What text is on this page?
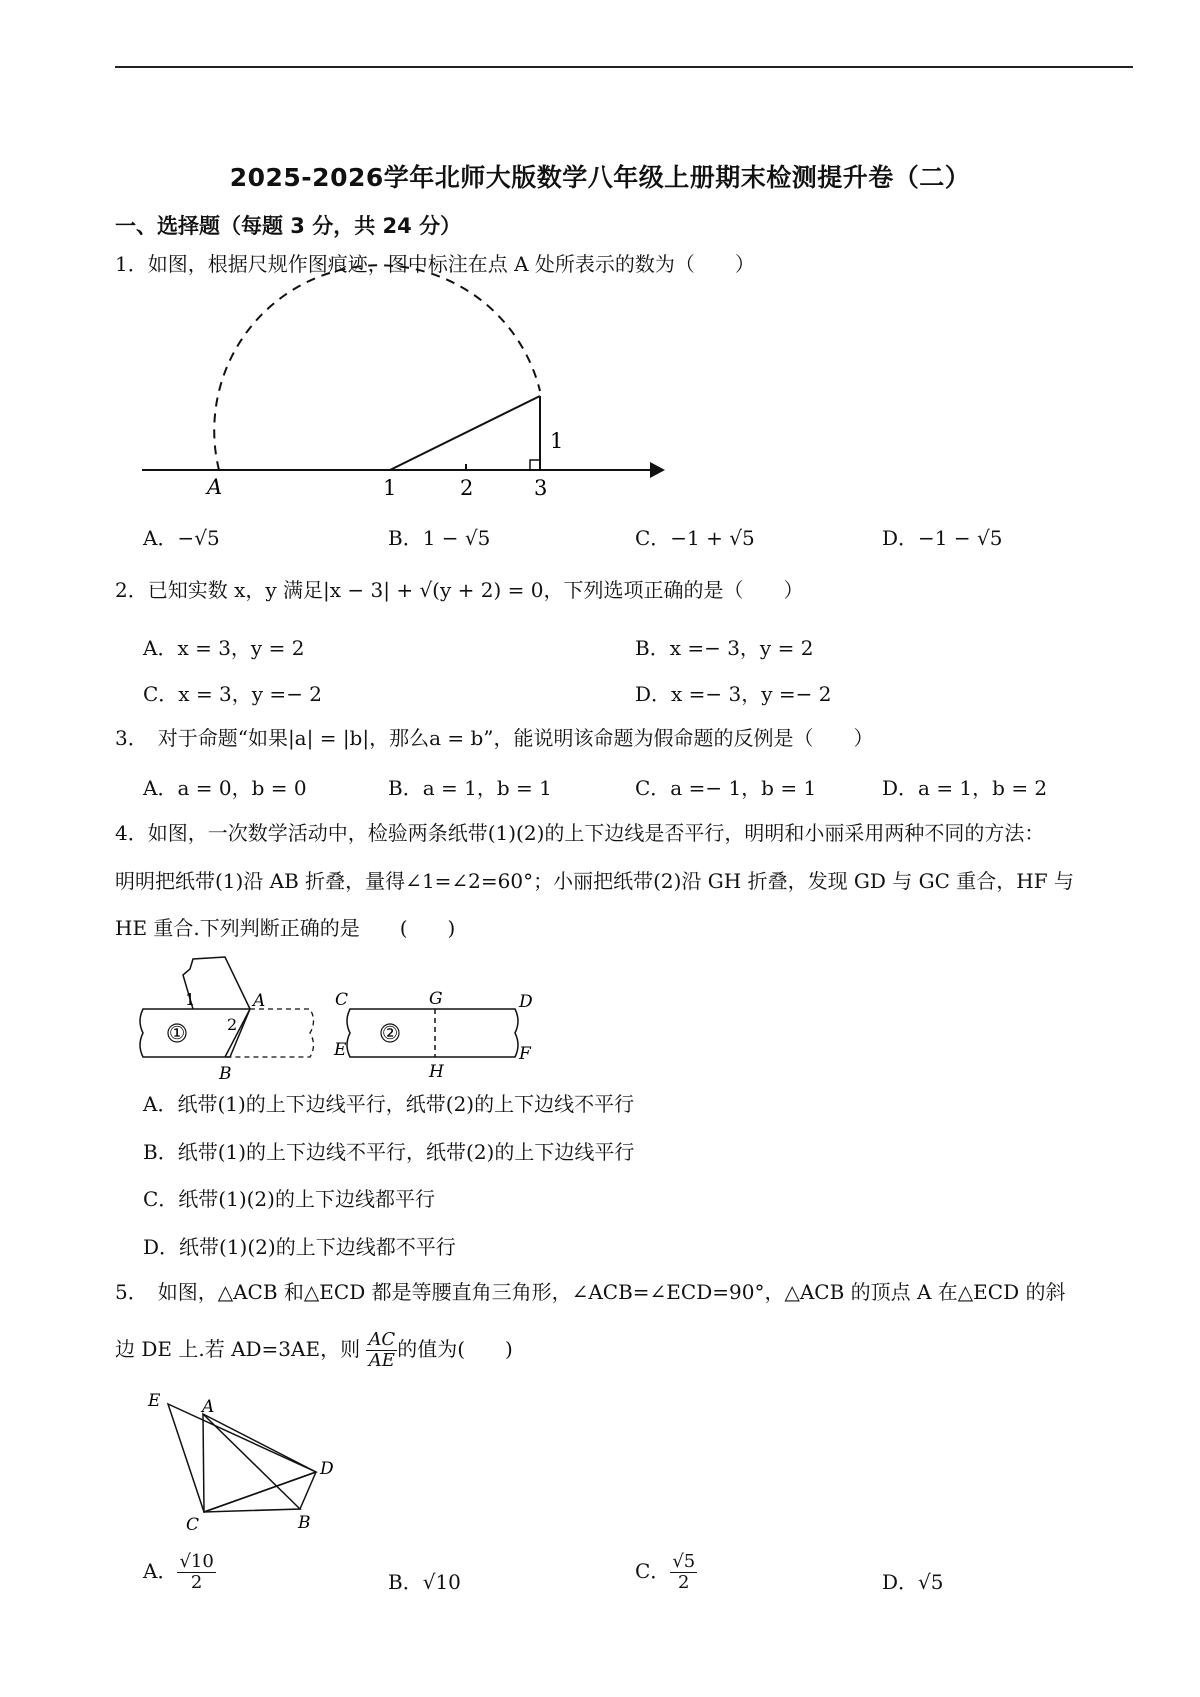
2025-2026学年北师大版数学八年级上册期末检测提升卷（二）
一、选择题（每题 3 分，共 24 分）
1．如图，根据尺规作图痕迹，图中标注在点 A 处所表示的数为（　　）
A	1	2	3
1
A．−√5	B．1 − √5	C．−1 + √5	D．−1 − √5
2．已知实数 x，y 满足|x − 3| + √(y + 2) = 0，下列选项正确的是（　　）
A．x = 3，y = 2	B．x =− 3，y = 2
C．x = 3，y =− 2	D．x =− 3，y =− 2
3．　对于命题“如果|a| = |b|，那么a = b”，能说明该命题为假命题的反例是（　　）
A．a = 0，b = 0	B．a = 1，b = 1	C．a =− 1，b = 1	D．a = 1，b = 2
4．如图，一次数学活动中，检验两条纸带(1)(2)的上下边线是否平行，明明和小丽采用两种不同的方法：
明明把纸带(1)沿 AB 折叠，量得∠1=∠2=60°；小丽把纸带(2)沿 GH 折叠，发现 GD 与 GC 重合，HF 与
HE 重合.下列判断正确的是　　(　　)
①
1
2
A
B
②
C	G	D
E
H
F
A．纸带(1)的上下边线平行，纸带(2)的上下边线不平行
B．纸带(1)的上下边线不平行，纸带(2)的上下边线平行
C．纸带(1)(2)的上下边线都平行
D．纸带(1)(2)的上下边线都不平行
5．　如图，△ACB 和△ECD 都是等腰直角三角形，∠ACB=∠ECD=90°，△ACB 的顶点 A 在△ECD 的斜
边 DE 上.若 AD=3AE，则 $\frac{AC}{AE}$ 的值为(　　)
E A
D
C	B
A． $\frac{√10}{2}$	B．√10	C． $\frac{√5}{2}$	D．√5
